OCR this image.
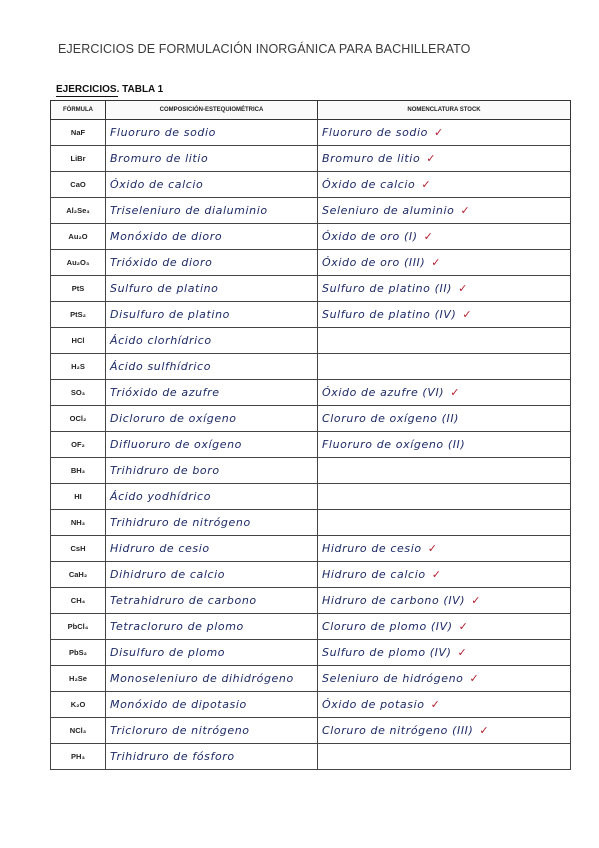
EJERCICIOS DE FORMULACIÓN INORGÁNICA PARA BACHILLERATO
EJERCICIOS. TABLA 1
FÓRMULA	COMPOSICIÓN-ESTEQUIOMÉTRICA	NOMENCLATURA STOCK
NaF	Fluoruro de sodio	Fluoruro de sodio ✓
LiBr	Bromuro de litio	Bromuro de litio ✓
CaO	Óxido de calcio	Óxido de calcio ✓
Al₂Se₃	Triseleniuro de dialuminio	Seleniuro de aluminio ✓
Au₂O	Monóxido de dioro	Óxido de oro (I) ✓
Au₂O₃	Trióxido de dioro	Óxido de oro (III) ✓
PtS	Sulfuro de platino	Sulfuro de platino (II) ✓
PtS₂	Disulfuro de platino	Sulfuro de platino (IV) ✓
HCl	Ácido clorhídrico	
H₂S	Ácido sulfhídrico	
SO₃	Trióxido de azufre	Óxido de azufre (VI) ✓
OCl₂	Dicloruro de oxígeno	Cloruro de oxígeno (II)
OF₂	Difluoruro de oxígeno	Fluoruro de oxígeno (II)
BH₃	Trihidruro de boro	
HI	Ácido yodhídrico	
NH₃	Trihidruro de nitrógeno	
CsH	Hidruro de cesio	Hidruro de cesio ✓
CaH₂	Dihidruro de calcio	Hidruro de calcio ✓
CH₄	Tetrahidruro de carbono	Hidruro de carbono (IV) ✓
PbCl₄	Tetracloruro de plomo	Cloruro de plomo (IV) ✓
PbS₂	Disulfuro de plomo	Sulfuro de plomo (IV) ✓
H₂Se	Monoseleniuro de dihidrógeno	Seleniuro de hidrógeno ✓
K₂O	Monóxido de dipotasio	Óxido de potasio ✓
NCl₃	Tricloruro de nitrógeno	Cloruro de nitrógeno (III) ✓
PH₃	Trihidruro de fósforo	
